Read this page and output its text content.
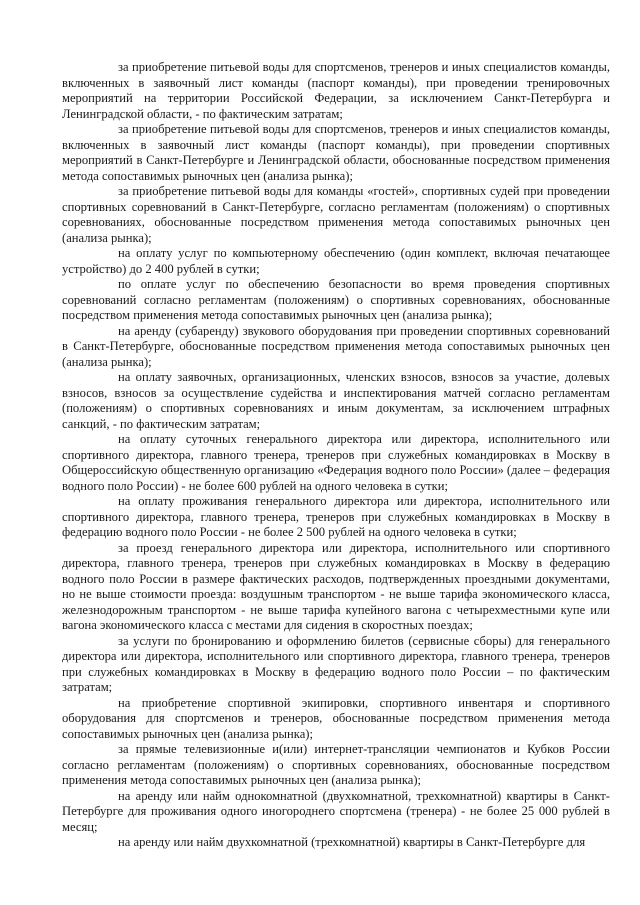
за приобретение питьевой воды для спортсменов, тренеров и иных специалистов команды, включенных в заявочный лист команды (паспорт команды), при проведении тренировочных мероприятий на территории Российской Федерации, за исключением Санкт-Петербурга и Ленинградской области, - по фактическим затратам;

за приобретение питьевой воды для спортсменов, тренеров и иных специалистов команды, включенных в заявочный лист команды (паспорт команды), при проведении спортивных мероприятий в Санкт-Петербурге и Ленинградской области, обоснованные посредством применения метода сопоставимых рыночных цен (анализа рынка);

за приобретение питьевой воды для команды «гостей», спортивных судей при проведении спортивных соревнований в Санкт-Петербурге, согласно регламентам (положениям) о спортивных соревнованиях, обоснованные посредством применения метода сопоставимых рыночных цен (анализа рынка);

на оплату услуг по компьютерному обеспечению (один комплект, включая печатающее устройство) до 2 400 рублей в сутки;

по оплате услуг по обеспечению безопасности во время проведения спортивных соревнований согласно регламентам (положениям) о спортивных соревнованиях, обоснованные посредством применения метода сопоставимых рыночных цен (анализа рынка);

на аренду (субаренду) звукового оборудования при проведении спортивных соревнований в Санкт-Петербурге, обоснованные посредством применения метода сопоставимых рыночных цен (анализа рынка);

на оплату заявочных, организационных, членских взносов, взносов за участие, долевых взносов, взносов за осуществление судейства и инспектирования матчей согласно регламентам (положениям) о спортивных соревнованиях и иным документам, за исключением штрафных санкций, - по фактическим затратам;

на оплату суточных генерального директора или директора, исполнительного или спортивного директора, главного тренера, тренеров при служебных командировках в Москву в Общероссийскую общественную организацию «Федерация водного поло России» (далее – федерация водного поло России) - не более 600 рублей на одного человека в сутки;

на оплату проживания генерального директора или директора, исполнительного или спортивного директора, главного тренера, тренеров при служебных командировках в Москву в федерацию водного поло России - не более 2 500 рублей на одного человека в сутки;

за проезд генерального директора или директора, исполнительного или спортивного директора, главного тренера, тренеров при служебных командировках в Москву в федерацию водного поло России в размере фактических расходов, подтвержденных проездными документами, но не выше стоимости проезда: воздушным транспортом - не выше тарифа экономического класса, железнодорожным транспортом - не выше тарифа купейного вагона с четырехместными купе или вагона экономического класса с местами для сидения в скоростных поездах;

за услуги по бронированию и оформлению билетов (сервисные сборы) для генерального директора или директора, исполнительного или спортивного директора, главного тренера, тренеров при служебных командировках в Москву в федерацию водного поло России – по фактическим затратам;

на приобретение спортивной экипировки, спортивного инвентаря и спортивного оборудования для спортсменов и тренеров, обоснованные посредством применения метода сопоставимых рыночных цен (анализа рынка);

за прямые телевизионные и(или) интернет-трансляции чемпионатов и Кубков России согласно регламентам (положениям) о спортивных соревнованиях, обоснованные посредством применения метода сопоставимых рыночных цен (анализа рынка);

на аренду или найм однокомнатной (двухкомнатной, трехкомнатной) квартиры в Санкт-Петербурге для проживания одного иногороднего спортсмена (тренера) - не более 25 000 рублей в месяц;

на аренду или найм двухкомнатной (трехкомнатной) квартиры в Санкт-Петербурге для
